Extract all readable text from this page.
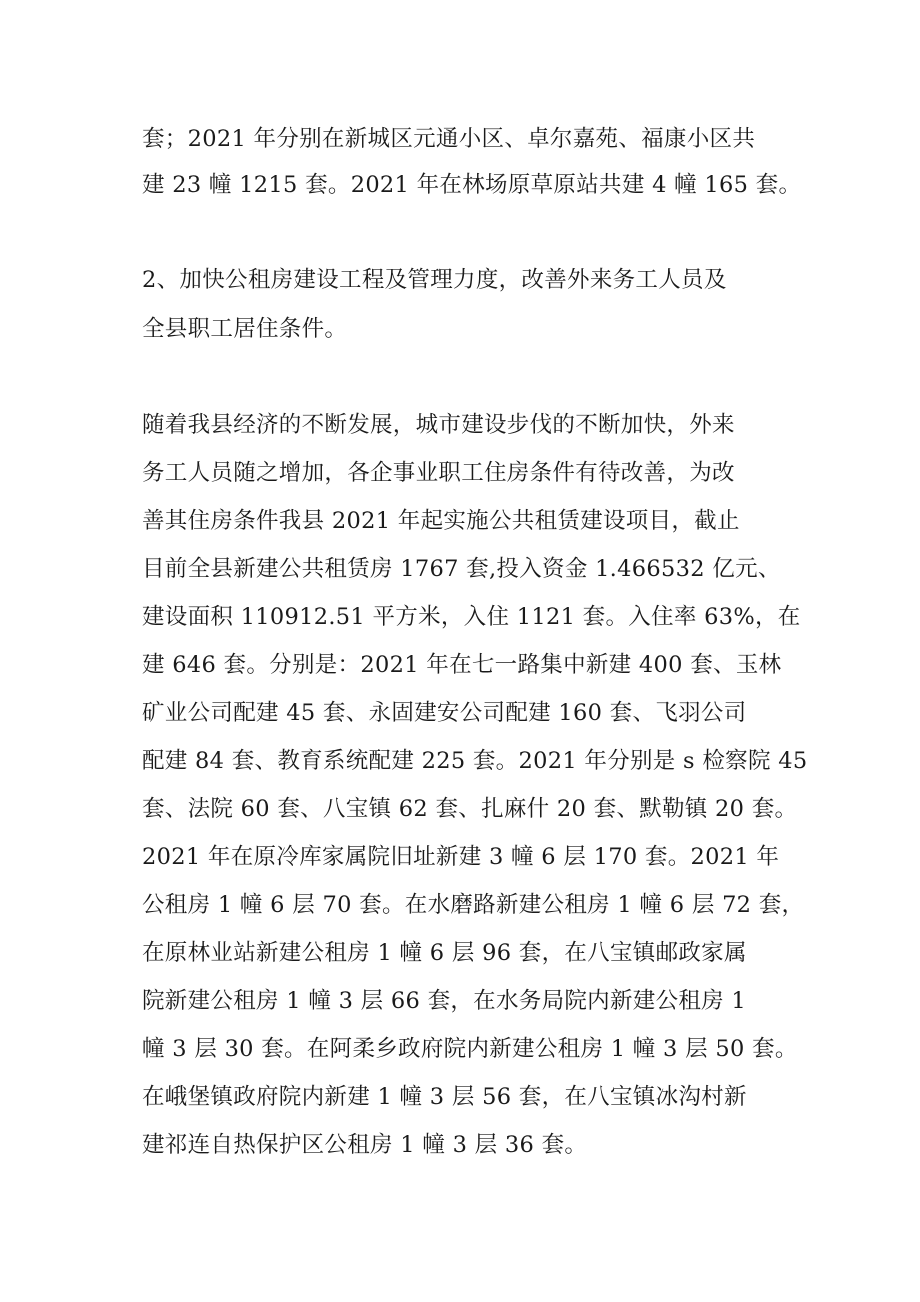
套；2021 年分别在新城区元通小区、卓尔嘉苑、福康小区共
建 23 幢 1215 套。2021 年在林场原草原站共建 4 幢 165 套。
2、加快公租房建设工程及管理力度，改善外来务工人员及
全县职工居住条件。
随着我县经济的不断发展，城市建设步伐的不断加快，外来
务工人员随之增加，各企事业职工住房条件有待改善，为改
善其住房条件我县 2021 年起实施公共租赁建设项目，截止
目前全县新建公共租赁房 1767 套,投入资金 1.466532 亿元、
建设面积 110912.51 平方米，入住 1121 套。入住率 63%，在
建 646 套。分别是：2021 年在七一路集中新建 400 套、玉林
矿业公司配建 45 套、永固建安公司配建 160 套、飞羽公司
配建 84 套、教育系统配建 225 套。2021 年分别是 s 检察院 45
套、法院 60 套、八宝镇 62 套、扎麻什 20 套、默勒镇 20 套。
2021 年在原冷库家属院旧址新建 3 幢 6 层 170 套。2021 年
公租房 1 幢 6 层 70 套。在水磨路新建公租房 1 幢 6 层 72 套，
在原林业站新建公租房 1 幢 6 层 96 套，在八宝镇邮政家属
院新建公租房 1 幢 3 层 66 套，在水务局院内新建公租房 1
幢 3 层 30 套。在阿柔乡政府院内新建公租房 1 幢 3 层 50 套。
在峨堡镇政府院内新建 1 幢 3 层 56 套，在八宝镇冰沟村新
建祁连自热保护区公租房 1 幢 3 层 36 套。
